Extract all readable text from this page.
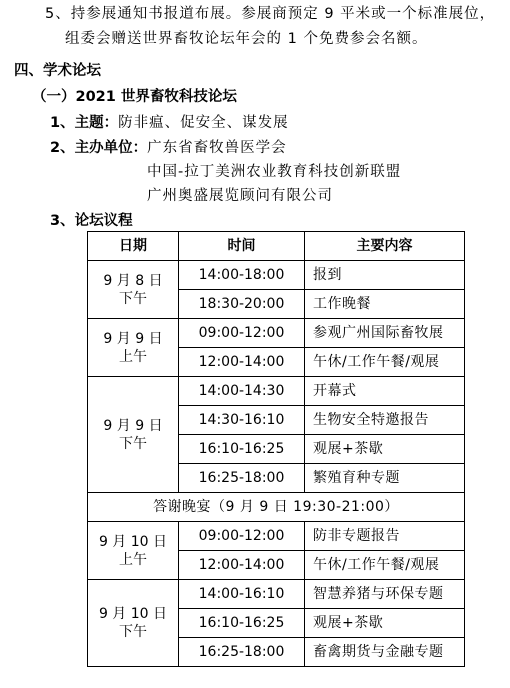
5、持参展通知书报道布展。参展商预定 9 平米或一个标准展位，
组委会赠送世界畜牧论坛年会的 1 个免费参会名额。
四、学术论坛
（一）2021 世界畜牧科技论坛
1、主题：防非瘟、促安全、谋发展
2、主办单位：广东省畜牧兽医学会
中国-拉丁美洲农业教育科技创新联盟
广州奥盛展览顾问有限公司
3、论坛议程
日期	时间	主要内容

9 月 8 日
下午	14:00-18:00	报到
	18:30-20:00	工作晚餐

9 月 9 日
上午	09:00-12:00	参观广州国际畜牧展
	12:00-14:00	午休/工作午餐/观展

9 月 9 日
下午	14:00-14:30	开幕式
	14:30-16:10	生物安全特邀报告
	16:10-16:25	观展+茶歇
	16:25-18:00	繁殖育种专题
答谢晚宴（9 月 9 日 19:30-21:00）		

9 月 10 日
上午	09:00-12:00	防非专题报告
	12:00-14:00	午休/工作午餐/观展

9 月 10 日
下午	14:00-16:10	智慧养猪与环保专题
	16:10-16:25	观展+茶歇
	16:25-18:00	畜禽期货与金融专题
